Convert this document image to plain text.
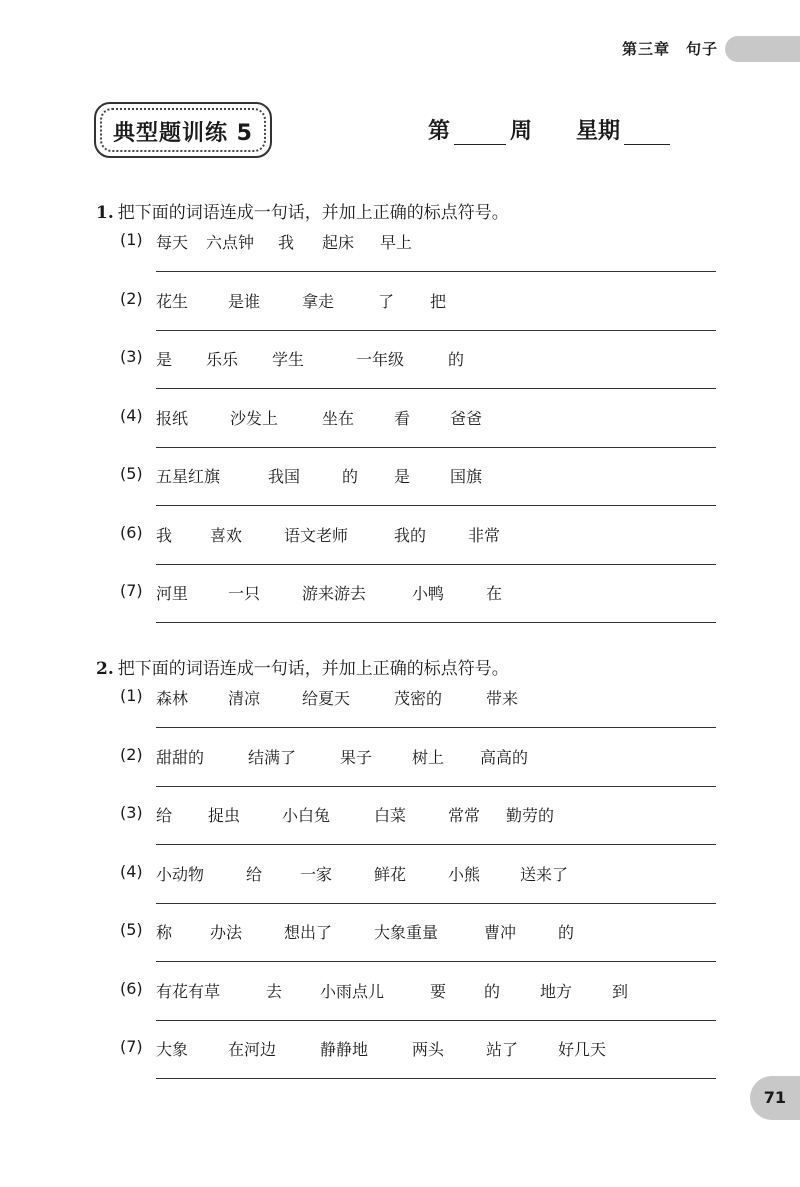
第三章　句子
典型题训练 5	第	周 星期
1. 把下面的词语连成一句话，并加上正确的标点符号。
(1) 每天 六点钟 我 起床 早上
(2) 花生 是谁	拿走	了 把
(3) 是 乐乐 学生	一年级	的
(4) 报纸	沙发上	坐在 看 爸爸
(5) 五星红旗	我国	的 是 国旗
(6) 我 喜欢	语文老师	我的	非常
(7) 河里 一只	游来游去	小鸭	在
2. 把下面的词语连成一句话，并加上正确的标点符号。
(1) 森林 清凉	给夏天	茂密的	带来
(2) 甜甜的	结满了	果子 树上 高高的
(3) 给 捉虫	小白兔	白菜	常常 勤劳的
(4) 小动物	给 一家	鲜花	小熊 送来了
(5) 称 办法	想出了	大象重量	曹冲	的
(6) 有花有草	去 小雨点儿	要 的 地方 到
(7) 大象 在河边	静静地	两头	站了 好几天
71
